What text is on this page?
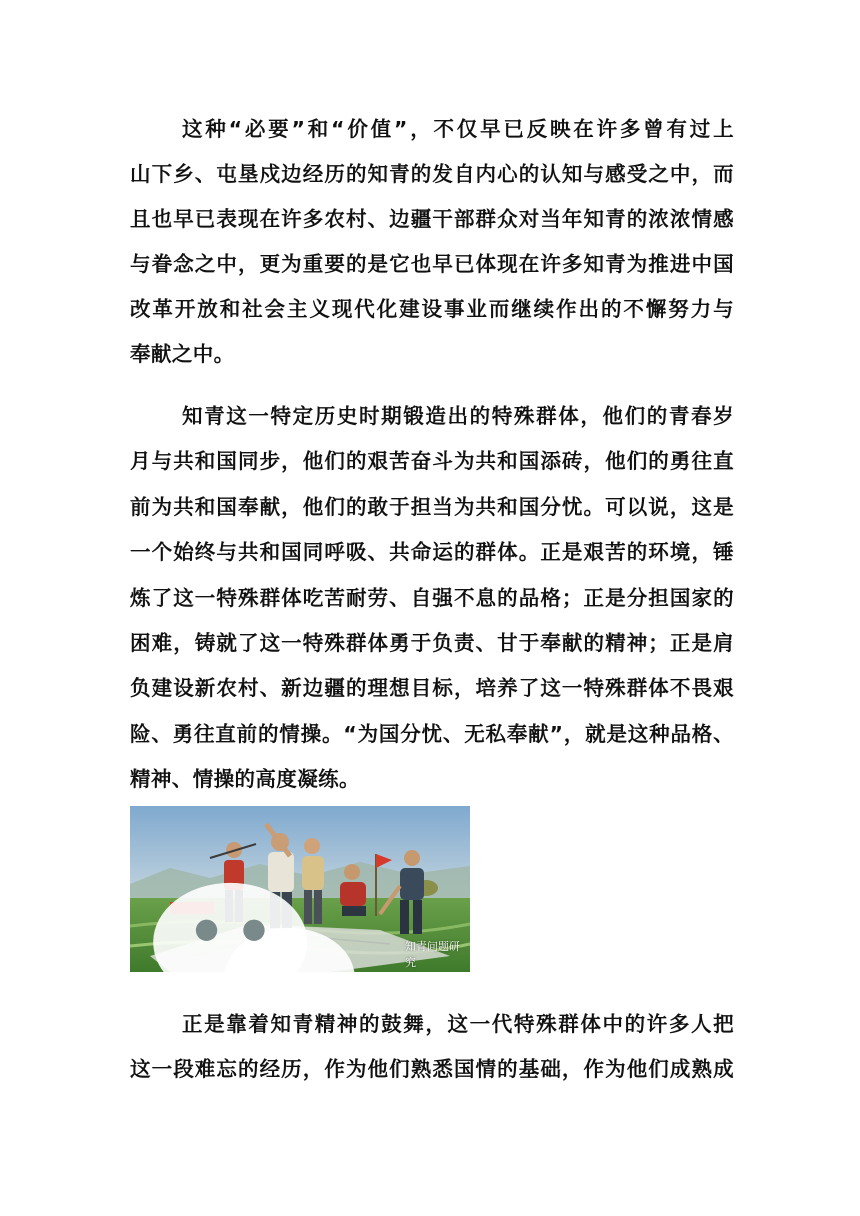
这种“必要”和“价值”，不仅早已反映在许多曾有过上
山下乡、屯垦戍边经历的知青的发自内心的认知与感受之中，而
且也早已表现在许多农村、边疆干部群众对当年知青的浓浓情感
与眷念之中，更为重要的是它也早已体现在许多知青为推进中国
改革开放和社会主义现代化建设事业而继续作出的不懈努力与
奉献之中。
知青这一特定历史时期锻造出的特殊群体，他们的青春岁
月与共和国同步，他们的艰苦奋斗为共和国添砖，他们的勇往直
前为共和国奉献，他们的敢于担当为共和国分忧。可以说，这是
一个始终与共和国同呼吸、共命运的群体。正是艰苦的环境，锤
炼了这一特殊群体吃苦耐劳、自强不息的品格；正是分担国家的
困难，铸就了这一特殊群体勇于负责、甘于奉献的精神；正是肩
负建设新农村、新边疆的理想目标，培养了这一特殊群体不畏艰
险、勇往直前的情操。“为国分忧、无私奉献”，就是这种品格、
精神、情操的高度凝练。
知青问题研究
正是靠着知青精神的鼓舞，这一代特殊群体中的许多人把
这一段难忘的经历，作为他们熟悉国情的基础，作为他们成熟成
